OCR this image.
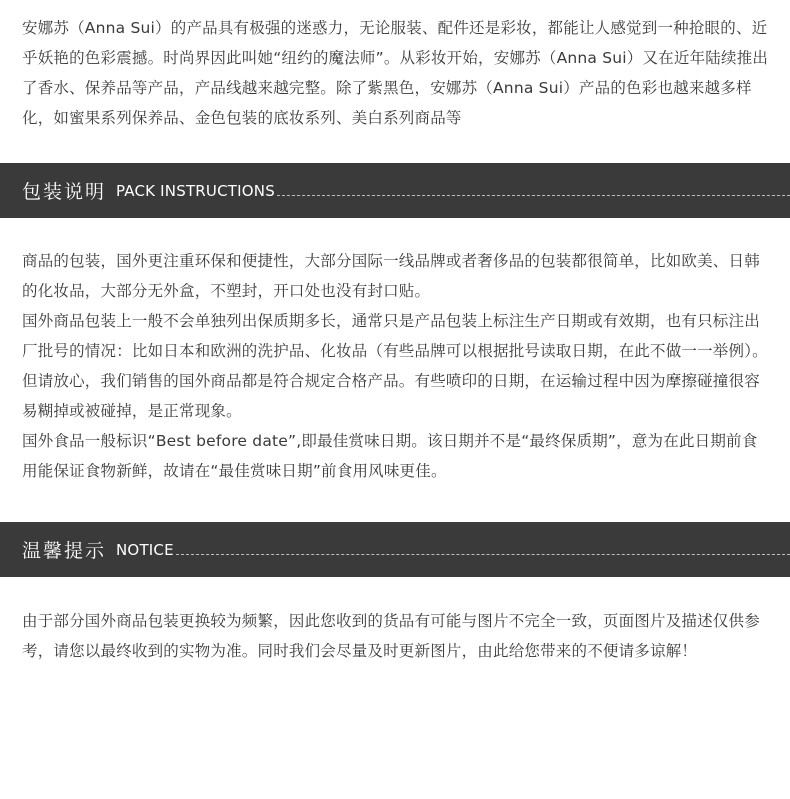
安娜苏（Anna Sui）的产品具有极强的迷惑力，无论服装、配件还是彩妆，都能让人感觉到一种抢眼的、近乎妖艳的色彩震撼。时尚界因此叫她“纽约的魔法师”。从彩妆开始，安娜苏（Anna Sui）又在近年陆续推出了香水、保养品等产品，产品线越来越完整。除了紫黑色，安娜苏（Anna Sui）产品的色彩也越来越多样化，如蜜果系列保养品、金色包装的底妆系列、美白系列商品等

包装说明 PACK INSTRUCTIONS

商品的包装，国外更注重环保和便捷性，大部分国际一线品牌或者奢侈品的包装都很简单，比如欧美、日韩的化妆品，大部分无外盒，不塑封，开口处也没有封口贴。

国外商品包装上一般不会单独列出保质期多长，通常只是产品包装上标注生产日期或有效期，也有只标注出厂批号的情况：比如日本和欧洲的洗护品、化妆品（有些品牌可以根据批号读取日期，在此不做一一举例）。但请放心，我们销售的国外商品都是符合规定合格产品。有些喷印的日期，在运输过程中因为摩擦碰撞很容易糊掉或被碰掉，是正常现象。

国外食品一般标识“Best before date”,即最佳赏味日期。该日期并不是“最终保质期”，意为在此日期前食用能保证食物新鲜，故请在“最佳赏味日期”前食用风味更佳。

温馨提示 NOTICE

由于部分国外商品包装更换较为频繁，因此您收到的货品有可能与图片不完全一致，页面图片及描述仅供参考，请您以最终收到的实物为准。同时我们会尽量及时更新图片，由此给您带来的不便请多谅解！
